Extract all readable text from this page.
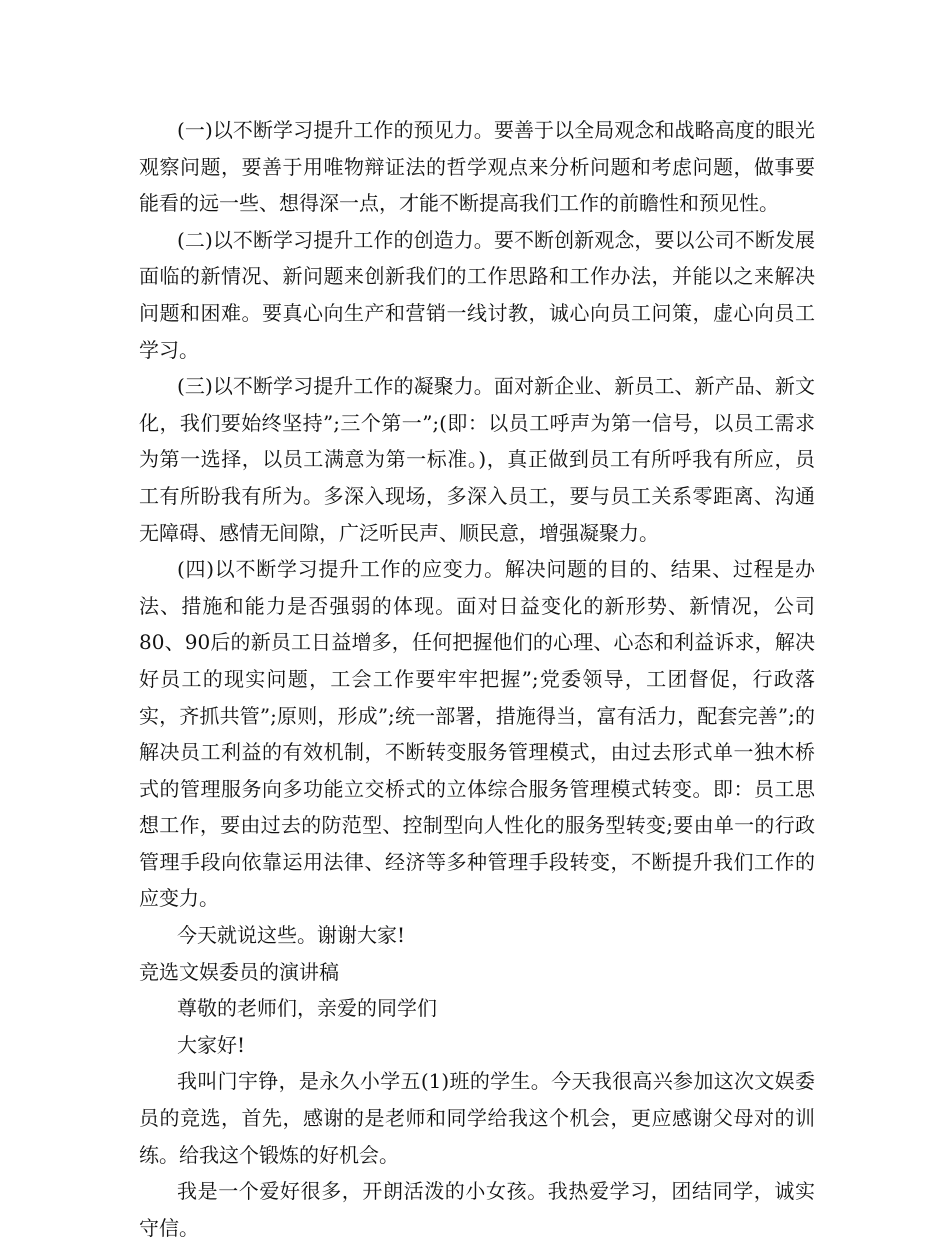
(一)以不断学习提升工作的预见力。要善于以全局观念和战略高度的眼光观察问题，要善于用唯物辩证法的哲学观点来分析问题和考虑问题，做事要能看的远一些、想得深一点，才能不断提高我们工作的前瞻性和预见性。

(二)以不断学习提升工作的创造力。要不断创新观念，要以公司不断发展面临的新情况、新问题来创新我们的工作思路和工作办法，并能以之来解决问题和困难。要真心向生产和营销一线讨教，诚心向员工问策，虚心向员工学习。

(三)以不断学习提升工作的凝聚力。面对新企业、新员工、新产品、新文化，我们要始终坚持”;三个第一”;(即：以员工呼声为第一信号，以员工需求为第一选择，以员工满意为第一标准。)，真正做到员工有所呼我有所应，员工有所盼我有所为。多深入现场，多深入员工，要与员工关系零距离、沟通无障碍、感情无间隙，广泛听民声、顺民意，增强凝聚力。

(四)以不断学习提升工作的应变力。解决问题的目的、结果、过程是办法、措施和能力是否强弱的体现。面对日益变化的新形势、新情况，公司80、90后的新员工日益增多，任何把握他们的心理、心态和利益诉求，解决好员工的现实问题，工会工作要牢牢把握”;党委领导，工团督促，行政落实，齐抓共管”;原则，形成”;统一部署，措施得当，富有活力，配套完善”;的解决员工利益的有效机制，不断转变服务管理模式，由过去形式单一独木桥式的管理服务向多功能立交桥式的立体综合服务管理模式转变。即：员工思想工作，要由过去的防范型、控制型向人性化的服务型转变;要由单一的行政管理手段向依靠运用法律、经济等多种管理手段转变，不断提升我们工作的应变力。

今天就说这些。谢谢大家!

竞选文娱委员的演讲稿

尊敬的老师们，亲爱的同学们

大家好!

我叫门宇铮，是永久小学五(1)班的学生。今天我很高兴参加这次文娱委员的竞选，首先，感谢的是老师和同学给我这个机会，更应感谢父母对的训练。给我这个锻炼的好机会。

我是一个爱好很多，开朗活泼的小女孩。我热爱学习，团结同学，诚实守信。
